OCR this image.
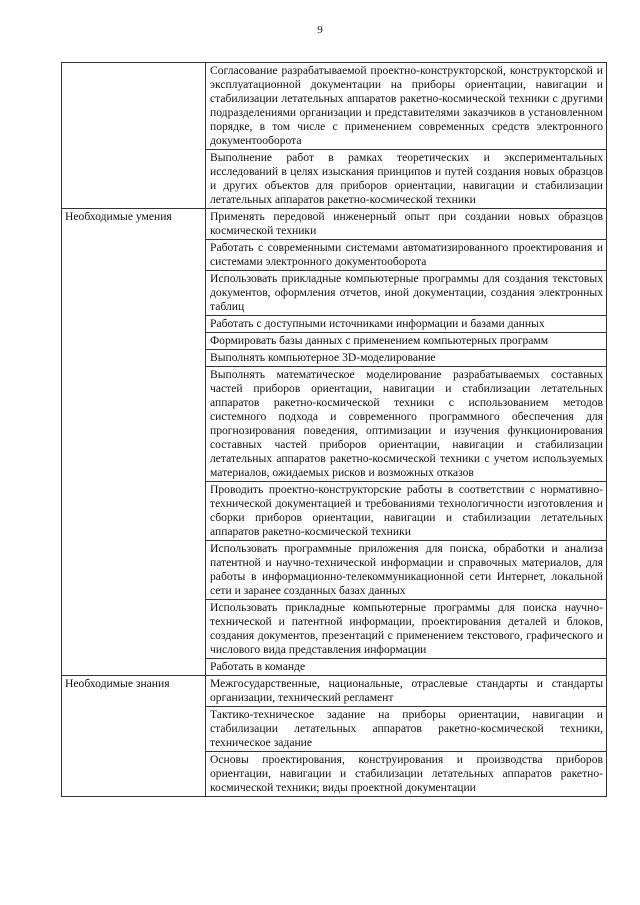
9
	Согласование разрабатываемой проектно-конструкторской, конструкторской и эксплуатационной документации на приборы ориентации, навигации и стабилизации летательных аппаратов ракетно-космической техники с другими подразделениями организации и представителями заказчиков в установленном порядке, в том числе с применением современных средств электронного документооборота
	Выполнение работ в рамках теоретических и экспериментальных исследований в целях изыскания принципов и путей создания новых образцов и других объектов для приборов ориентации, навигации и стабилизации летательных аппаратов ракетно-космической техники
Необходимые умения	Применять передовой инженерный опыт при создании новых образцов космической техники
	Работать с современными системами автоматизированного проектирования и системами электронного документооборота
	Использовать прикладные компьютерные программы для создания текстовых документов, оформления отчетов, иной документации, создания электронных таблиц
	Работать с доступными источниками информации и базами данных
	Формировать базы данных с применением компьютерных программ
	Выполнять компьютерное 3D-моделирование
	Выполнять математическое моделирование разрабатываемых составных частей приборов ориентации, навигации и стабилизации летательных аппаратов ракетно-космической техники с использованием методов системного подхода и современного программного обеспечения для прогнозирования поведения, оптимизации и изучения функционирования составных частей приборов ориентации, навигации и стабилизации летательных аппаратов ракетно-космической техники с учетом используемых материалов, ожидаемых рисков и возможных отказов
	Проводить проектно-конструкторские работы в соответствии с нормативно-технической документацией и требованиями технологичности изготовления и сборки приборов ориентации, навигации и стабилизации летательных аппаратов ракетно-космической техники
	Использовать программные приложения для поиска, обработки и анализа патентной и научно-технической информации и справочных материалов, для работы в информационно-телекоммуникационной сети Интернет, локальной сети и заранее созданных базах данных
	Использовать прикладные компьютерные программы для поиска научно-технической и патентной информации, проектирования деталей и блоков, создания документов, презентаций с применением текстового, графического и числового вида представления информации
	Работать в команде
Необходимые знания	Межгосударственные, национальные, отраслевые стандарты и стандарты организации, технический регламент
	Тактико-техническое задание на приборы ориентации, навигации и стабилизации летательных аппаратов ракетно-космической техники, техническое задание
	Основы проектирования, конструирования и производства приборов ориентации, навигации и стабилизации летательных аппаратов ракетно-космической техники; виды проектной документации
